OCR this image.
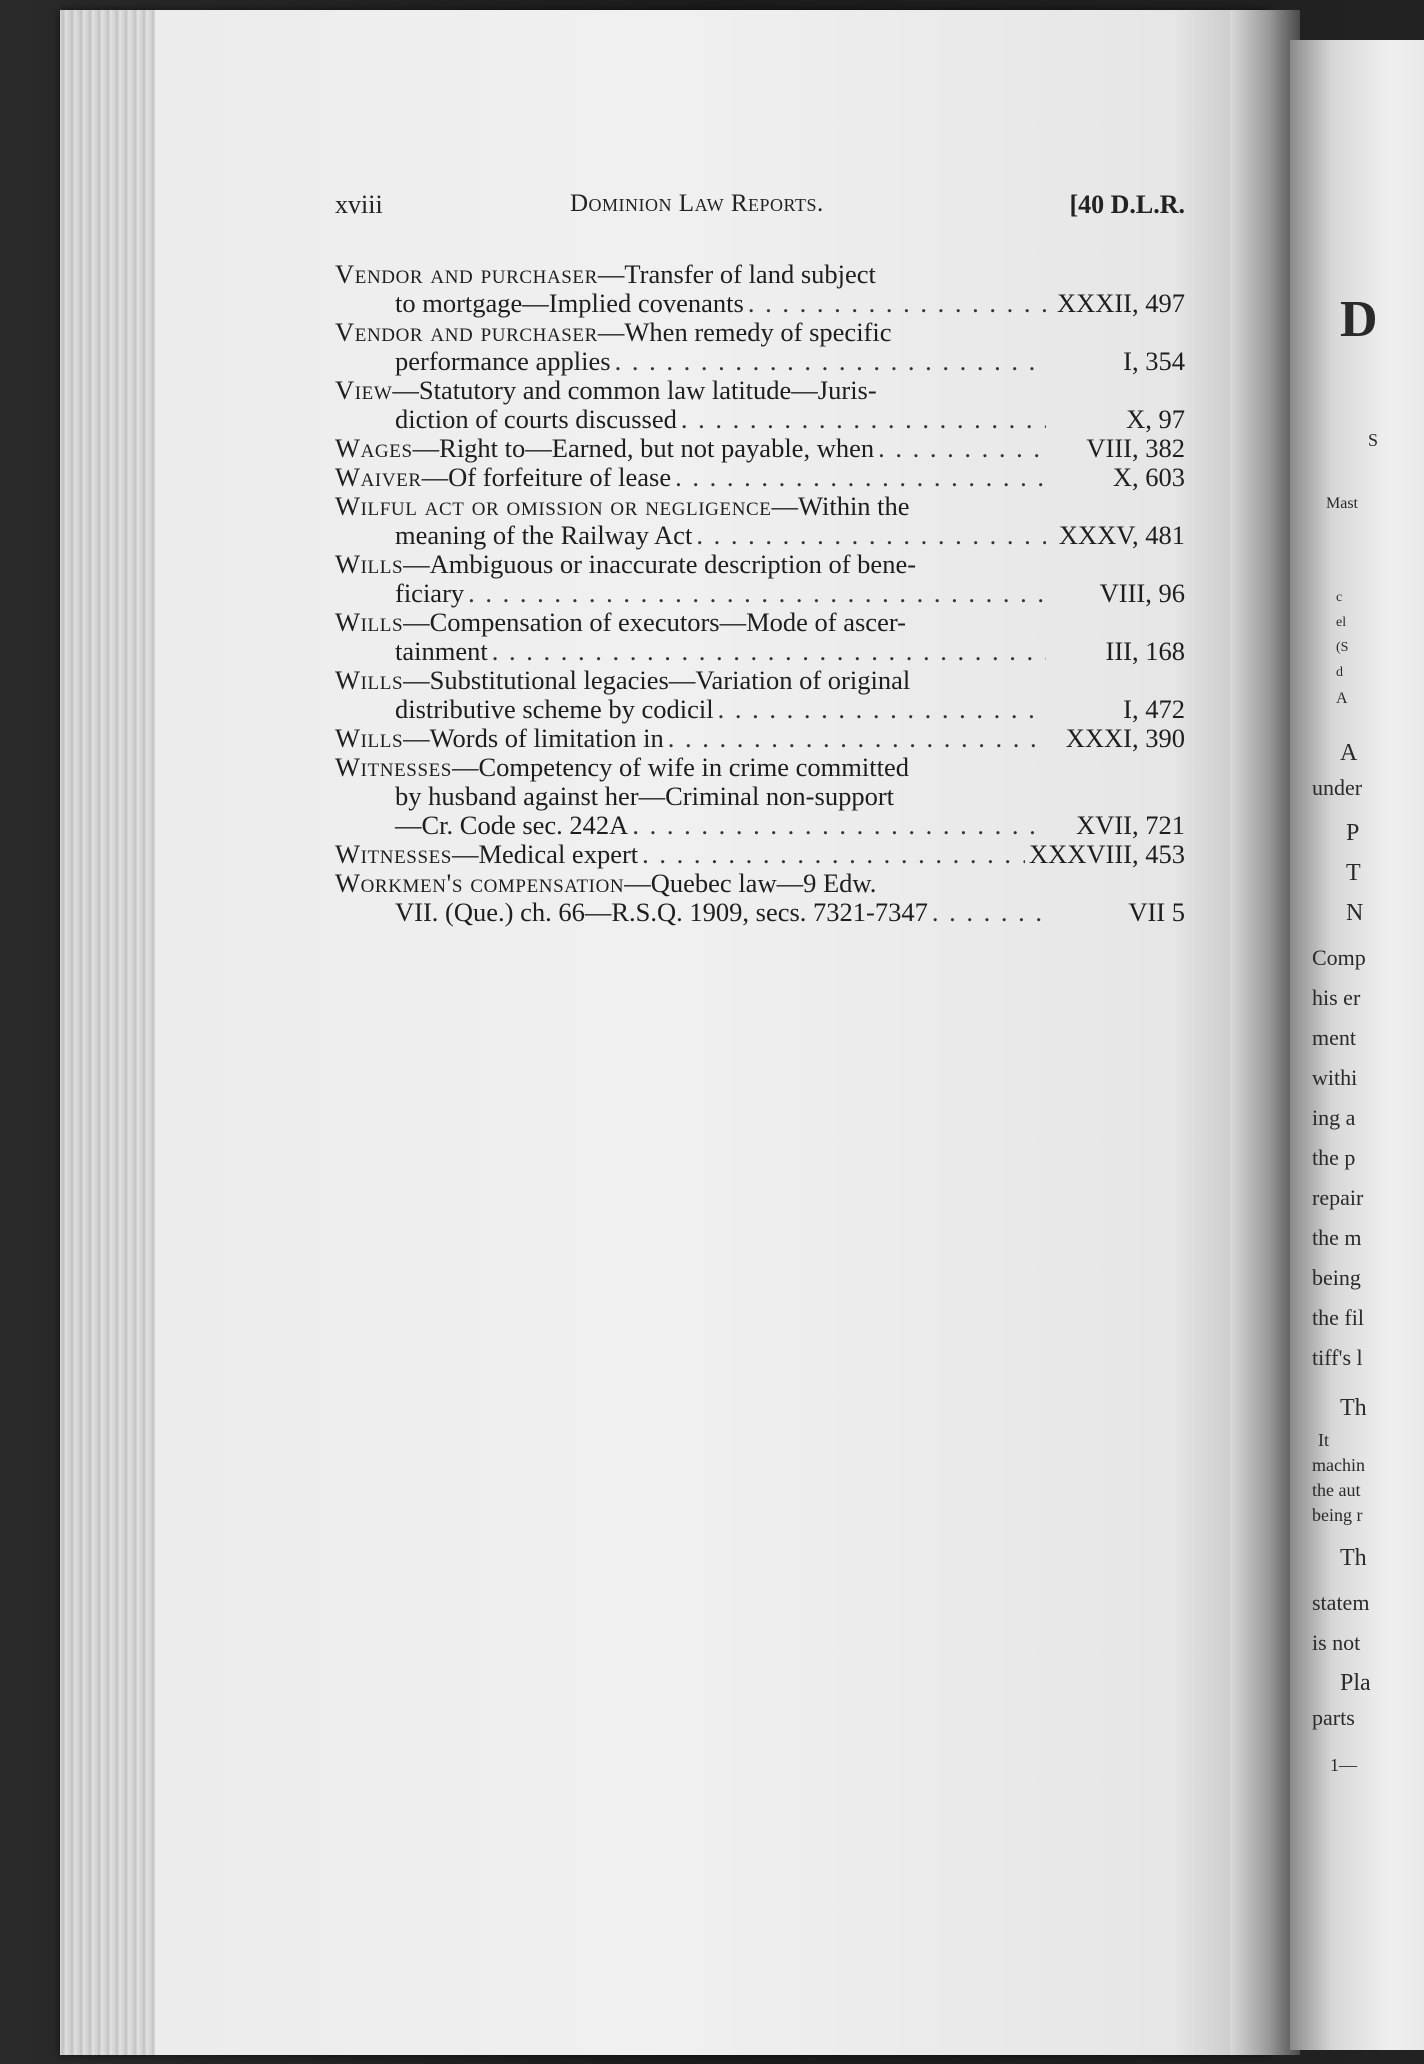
D
S
Mast
c
el
(S
d
A
A
under
P
T
N
Comp
his er
ment
withi
ing a
the p
repair
the m
being
the fil
tiff's l
Th
It
machin
the aut
being r
Th
statem
is not
Pla
parts
1—
xviii	Dominion Law Reports.	[40 D.L.R.
Vendor and purchaser—Transfer of land subject
to mortgage—Implied covenants . . .	XXXII, 497
Vendor and purchaser—When remedy of specific
performance applies . . .	I, 354
View—Statutory and common law latitude—Juris-
diction of courts discussed . . .	X, 97
Wages—Right to—Earned, but not payable, when . . .	VIII, 382
Waiver—Of forfeiture of lease . . .	X, 603
Wilful act or omission or negligence—Within the
meaning of the Railway Act . . .	XXXV, 481
Wills—Ambiguous or inaccurate description of bene-
ficiary . . .	VIII, 96
Wills—Compensation of executors—Mode of ascer-
tainment . . .	III, 168
Wills—Substitutional legacies—Variation of original
distributive scheme by codicil . . .	I, 472
Wills—Words of limitation in . . .	XXXI, 390
Witnesses—Competency of wife in crime committed
by husband against her—Criminal non-support
—Cr. Code sec. 242A . . .	XVII, 721
Witnesses—Medical expert . . .	XXXVIII, 453
Workmen's compensation—Quebec law—9 Edw.
VII. (Que.) ch. 66—R.S.Q. 1909, secs. 7321-7347 . . .	VII 5
